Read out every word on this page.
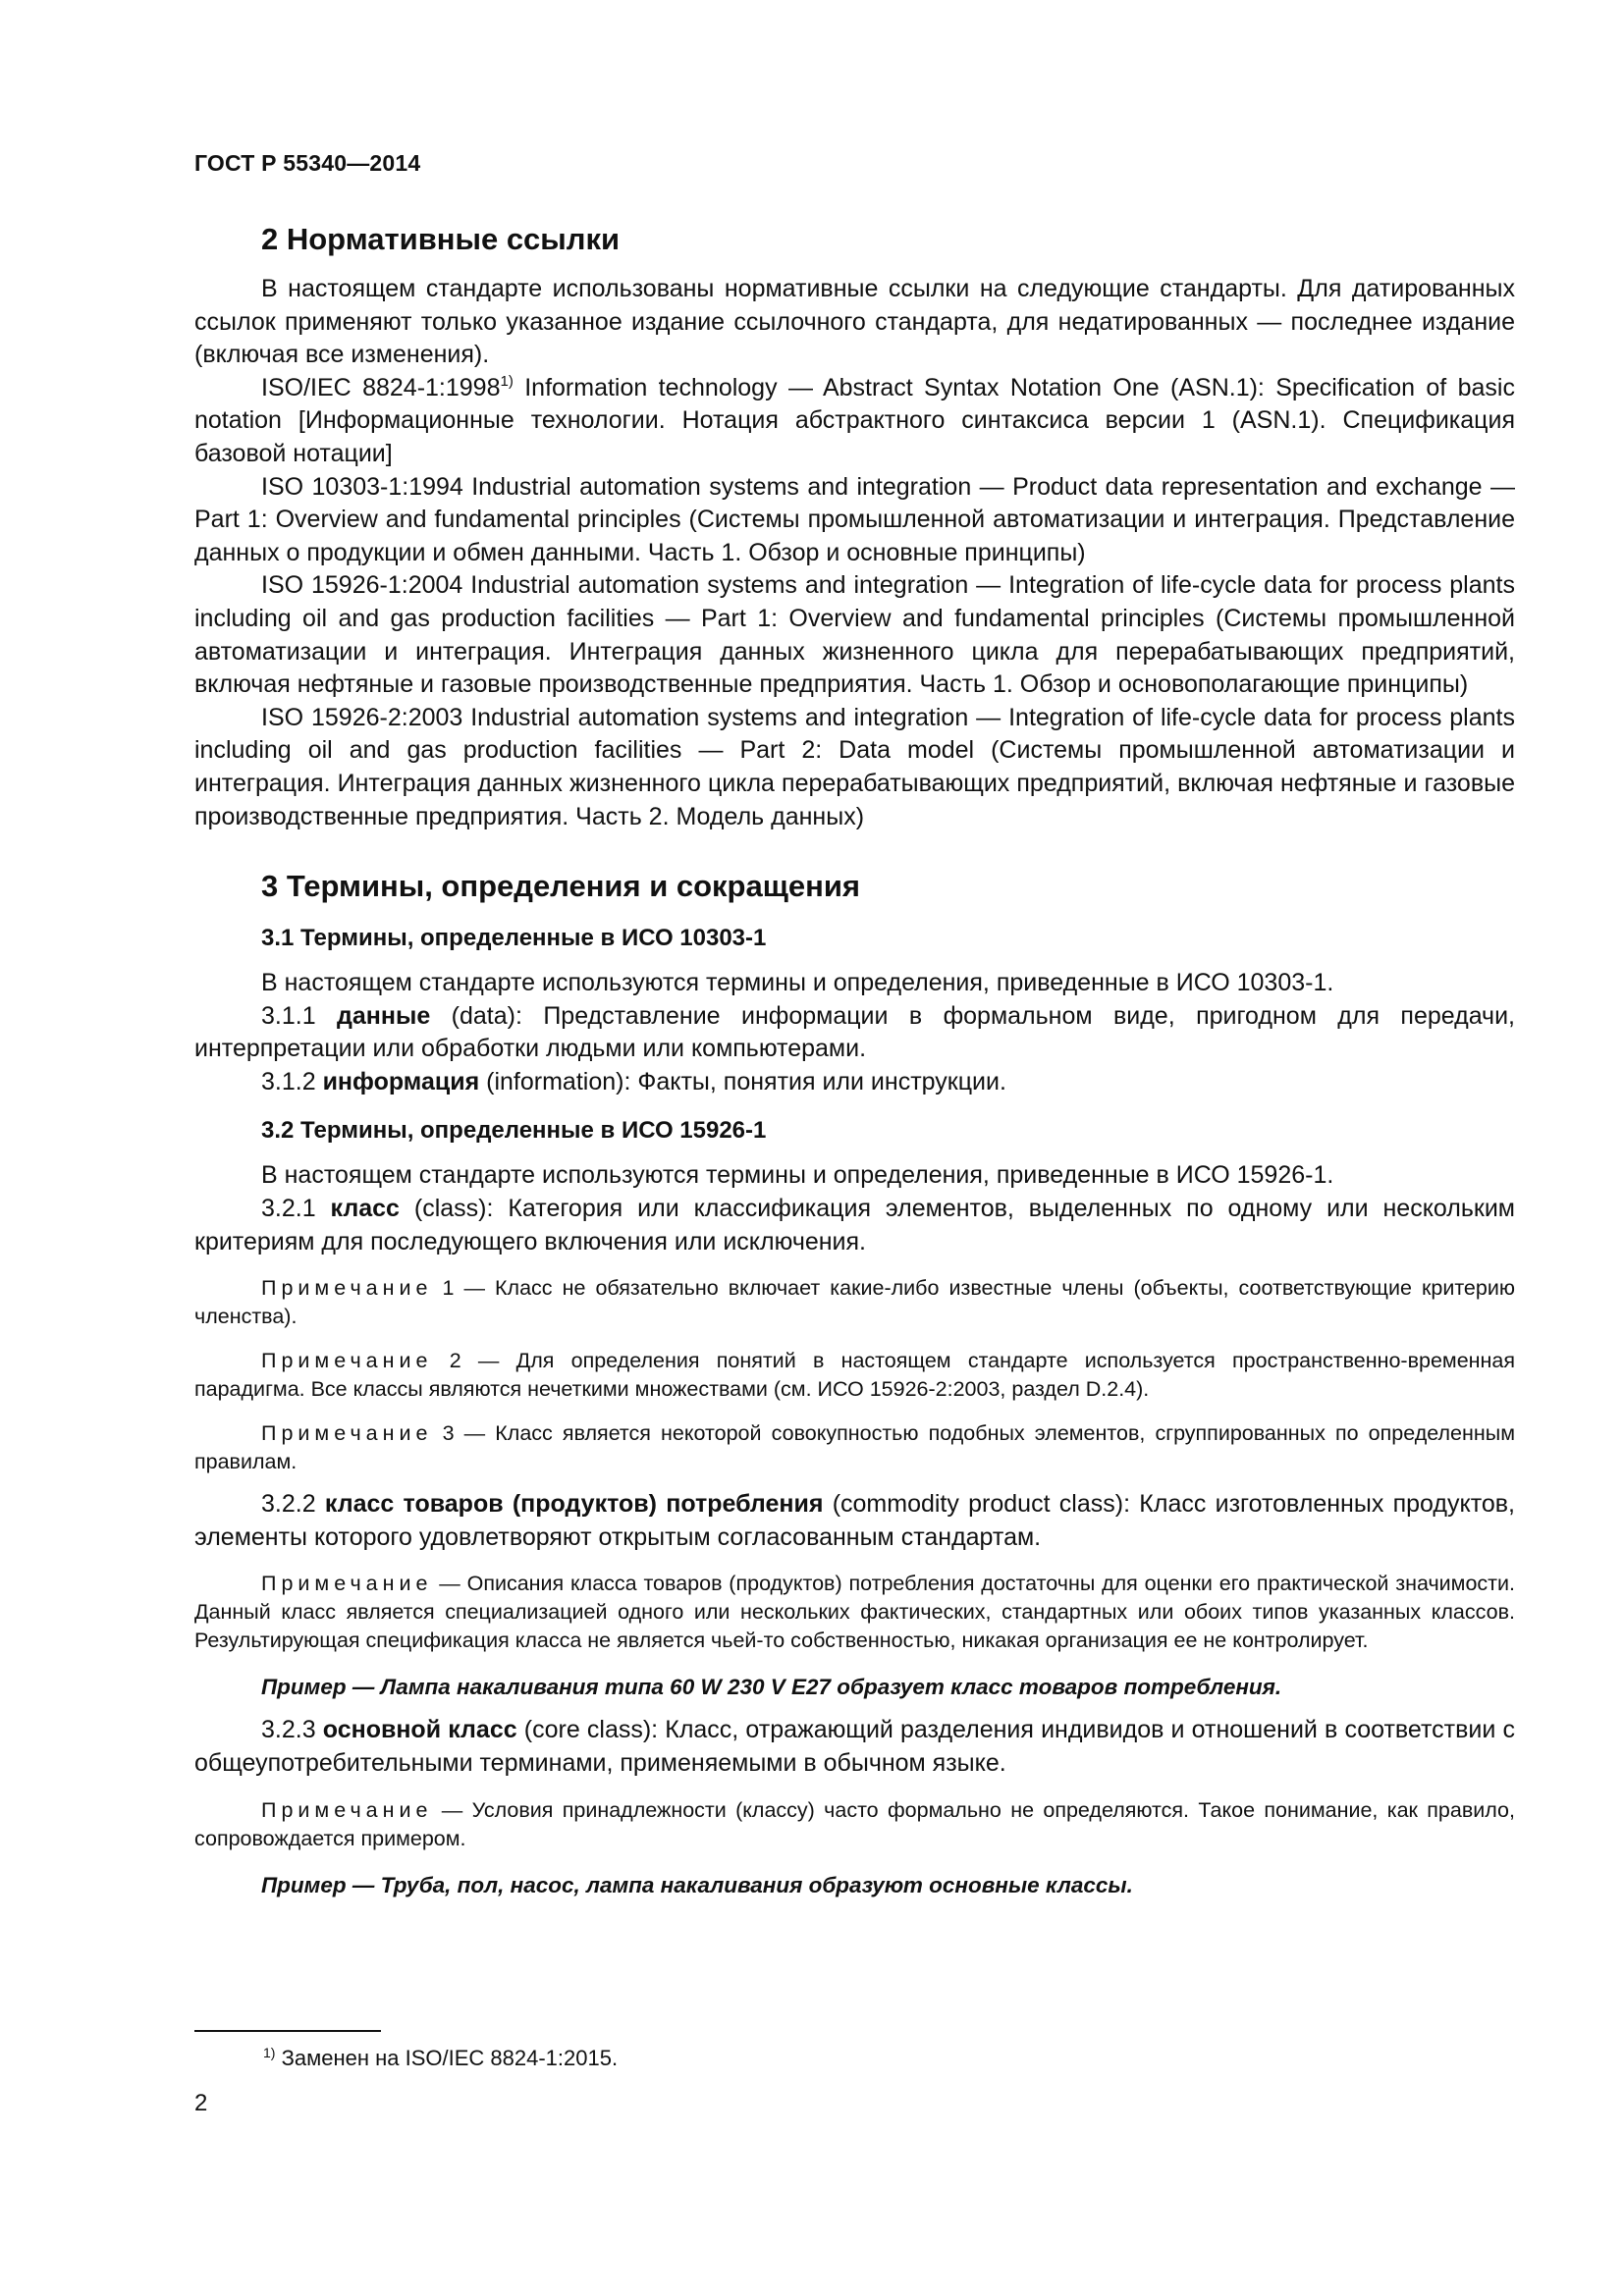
ГОСТ Р 55340—2014
2 Нормативные ссылки

В настоящем стандарте использованы нормативные ссылки на следующие стандарты. Для датированных ссылок применяют только указанное издание ссылочного стандарта, для недатированных — последнее издание (включая все изменения).

ISO/IEC 8824-1:1998$^{1)}$ Information technology — Abstract Syntax Notation One (ASN.1): Specification of basic notation [Информационные технологии. Нотация абстрактного синтаксиса версии 1 (ASN.1). Спецификация базовой нотации]

ISO 10303-1:1994 Industrial automation systems and integration — Product data representation and exchange — Part 1: Overview and fundamental principles (Системы промышленной автоматизации и интеграция. Представление данных о продукции и обмен данными. Часть 1. Обзор и основные принципы)

ISO 15926-1:2004 Industrial automation systems and integration — Integration of life-cycle data for process plants including oil and gas production facilities — Part 1: Overview and fundamental principles (Системы промышленной автоматизации и интеграция. Интеграция данных жизненного цикла для перерабатывающих предприятий, включая нефтяные и газовые производственные предприятия. Часть 1. Обзор и основополагающие принципы)

ISO 15926-2:2003 Industrial automation systems and integration — Integration of life-cycle data for process plants including oil and gas production facilities — Part 2: Data model (Системы промышленной автоматизации и интеграция. Интеграция данных жизненного цикла перерабатывающих предприятий, включая нефтяные и газовые производственные предприятия. Часть 2. Модель данных)

3 Термины, определения и сокращения
3.1 Термины, определенные в ИСО 10303-1

В настоящем стандарте используются термины и определения, приведенные в ИСО 10303-1.

3.1.1 данные (data): Представление информации в формальном виде, пригодном для передачи, интерпретации или обработки людьми или компьютерами.

3.1.2 информация (information): Факты, понятия или инструкции.

3.2 Термины, определенные в ИСО 15926-1

В настоящем стандарте используются термины и определения, приведенные в ИСО 15926-1.

3.2.1 класс (class): Категория или классификация элементов, выделенных по одному или нескольким критериям для последующего включения или исключения.

Примечание 1 — Класс не обязательно включает какие-либо известные члены (объекты, соответствующие критерию членства).
Примечание 2 — Для определения понятий в настоящем стандарте используется пространственно-временная парадигма. Все классы являются нечеткими множествами (см. ИСО 15926-2:2003, раздел D.2.4).
Примечание 3 — Класс является некоторой совокупностью подобных элементов, сгруппированных по определенным правилам.

3.2.2 класс товаров (продуктов) потребления (commodity product class): Класс изготовленных продуктов, элементы которого удовлетворяют открытым согласованным стандартам.

Примечание — Описания класса товаров (продуктов) потребления достаточны для оценки его практической значимости. Данный класс является специализацией одного или нескольких фактических, стандартных или обоих типов указанных классов. Результирующая спецификация класса не является чьей-то собственностью, никакая организация ее не контролирует.
Пример — Лампа накаливания типа 60 W 230 V E27 образует класс товаров потребления.

3.2.3 основной класс (core class): Класс, отражающий разделения индивидов и отношений в соответствии с общеупотребительными терминами, применяемыми в обычном языке.

Примечание — Условия принадлежности (классу) часто формально не определяются. Такое понимание, как правило, сопровождается примером.
Пример — Труба, пол, насос, лампа накаливания образуют основные классы.
$^{1)}$ Заменен на ISO/IEC 8824-1:2015.
2
